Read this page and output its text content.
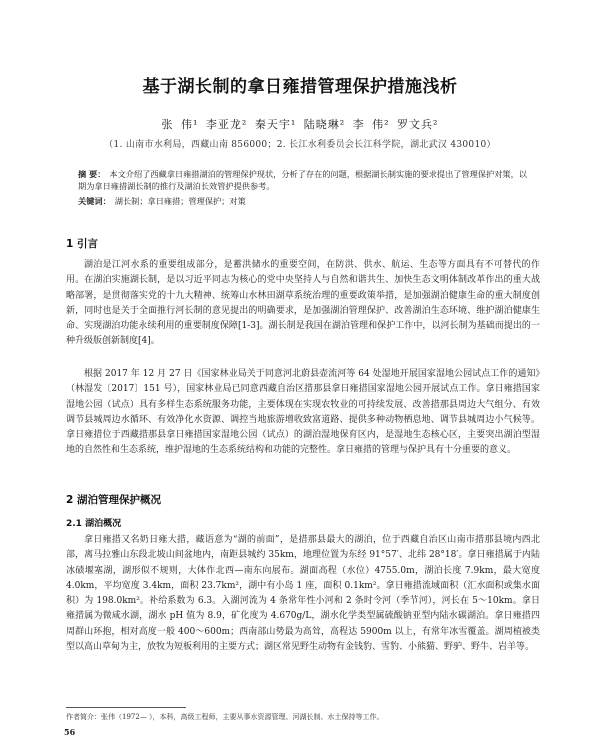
基于湖长制的拿日雍措管理保护措施浅析
张 伟¹ 李亚龙² 秦天宇¹ 陆晓琳² 李 伟² 罗文兵²
（1. 山南市水利局，西藏山南 856000；2. 长江水利委员会长江科学院，湖北武汉 430010）
摘 要： 本文介绍了西藏拿日雍措湖泊的管理保护现状，分析了存在的问题，根据湖长制实施的要求提出了管理保护对策，以期为拿日雍措湖长制的推行及湖泊长效管护提供参考。
关键词： 湖长制；拿日雍措；管理保护；对策
1 引言
湖泊是江河水系的重要组成部分，是蓄洪储水的重要空间，在防洪、供水、航运、生态等方面具有不可替代的作用。在湖泊实施湖长制，是以习近平同志为核心的党中央坚持人与自然和谐共生、加快生态文明体制改革作出的重大战略部署，是贯彻落实党的十九大精神、统筹山水林田湖草系统治理的重要政策举措，是加强湖泊健康生命的重大制度创新，同时也是关于全面推行河长制的意见提出的明确要求，是加强湖泊管理保护、改善湖泊生态环境、维护湖泊健康生命、实现湖泊功能永续利用的重要制度保障[1-3]。湖长制是我国在湖泊管理和保护工作中，以河长制为基础而提出的一种升级版创新制度[4]。
根据 2017 年 12 月 27 日《国家林业局关于同意河北蔚县壶流河等 64 处湿地开展国家湿地公园试点工作的通知》（林湿发〔2017〕151 号），国家林业局已同意西藏自治区措那县拿日雍措国家湿地公园开展试点工作。拿日雍措国家湿地公园（试点）具有多样生态系统服务功能，主要体现在实现农牧业的可持续发展、改善措那县周边大气组分、有效调节县城周边水循环、有效净化水资源、调控当地旅游增收致富道路、提供多种动物栖息地、调节县城周边小气候等。拿日雍措位于西藏措那县拿日雍措国家湿地公园（试点）的湖泊湿地保育区内，是湿地生态核心区，主要突出湖泊型湿地的自然性和生态系统，维护湿地的生态系统结构和功能的完整性。拿日雍措的管理与保护具有十分重要的意义。
2 湖泊管理保护概况
2.1 湖泊概况
拿日雍措又名奶日雍大措，藏语意为“湖的前面”，是措那县最大的湖泊，位于西藏自治区山南市措那县境内西北部，离马拉雅山东段北坡山间盆地内，南距县城约 35km，地理位置为东经 91°57′、北纬 28°18′。拿日雍措属于内陆冰碛堰塞湖，湖形似不规则，大体作北西—南东向展布。湖面高程（水位）4755.0m，湖泊长度 7.9km，最大宽度 4.0km，平均宽度 3.4km，面积 23.7km²，湖中有小岛 1 座，面积 0.1km²。拿日雍措流域面积（汇水面积或集水面积）为 198.0km²。补给系数为 6.3。入湖河流为 4 条常年性小河和 2 条时令河（季节河），河长在 5～10km。拿日雍措属为微咸水湖，湖水 pH 值为 8.9，矿化度为 4.670g/L，湖水化学类型属硫酸钠亚型内陆水碳湖泊。拿日雍措四周群山环抱，相对高度一般 400～600m；西南部山势最为高耸，高程达 5900m 以上，有常年冰雪覆盖。湖周植被类型以高山草甸为主，放牧为短板利用的主要方式；湖区常见野生动物有金钱豹、雪豹、小熊猫、野驴、野牛、岩羊等。
作者简介：张伟（1972— ），本科，高级工程师，主要从事水资源管理、河湖长制、水土保持等工作。
56
